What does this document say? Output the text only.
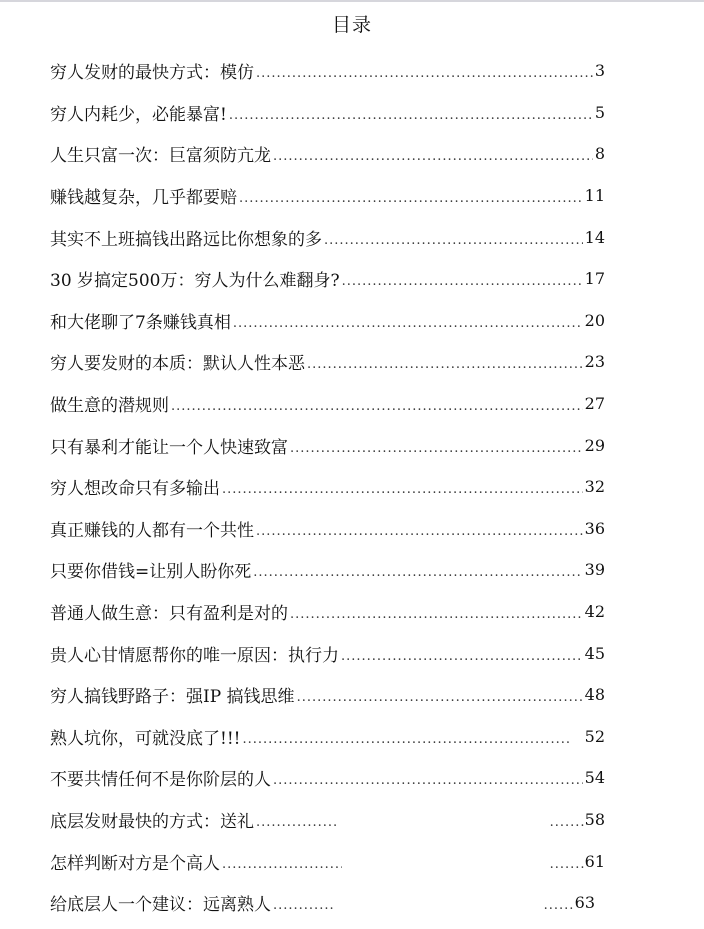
目录
穷人发财的最快方式：模仿 .....	3
穷人内耗少，必能暴富! .....	5
人生只富一次：巨富须防亢龙 .....	8
赚钱越复杂，几乎都要赔 .....	11
其实不上班搞钱出路远比你想象的多 .....	14
30 岁搞定500万：穷人为什么难翻身? .....	17
和大佬聊了7条赚钱真相 .....	20
穷人要发财的本质：默认人性本恶 .....	23
做生意的潜规则 .....	27
只有暴利才能让一个人快速致富 .....	29
穷人想改命只有多输出 .....	32
真正赚钱的人都有一个共性 .....	36
只要你借钱=让别人盼你死 .....	39
普通人做生意：只有盈利是对的 .....	42
贵人心甘情愿帮你的唯一原因：执行力 .....	45
穷人搞钱野路子：强IP 搞钱思维 .....	48
熟人坑你，可就没底了!!! .....	52
不要共情任何不是你阶层的人 .....	54
底层发财最快的方式：送礼 ..... .....	58
怎样判断对方是个高人 ..... .....	61
给底层人一个建议：远离熟人 ..... .....	63
